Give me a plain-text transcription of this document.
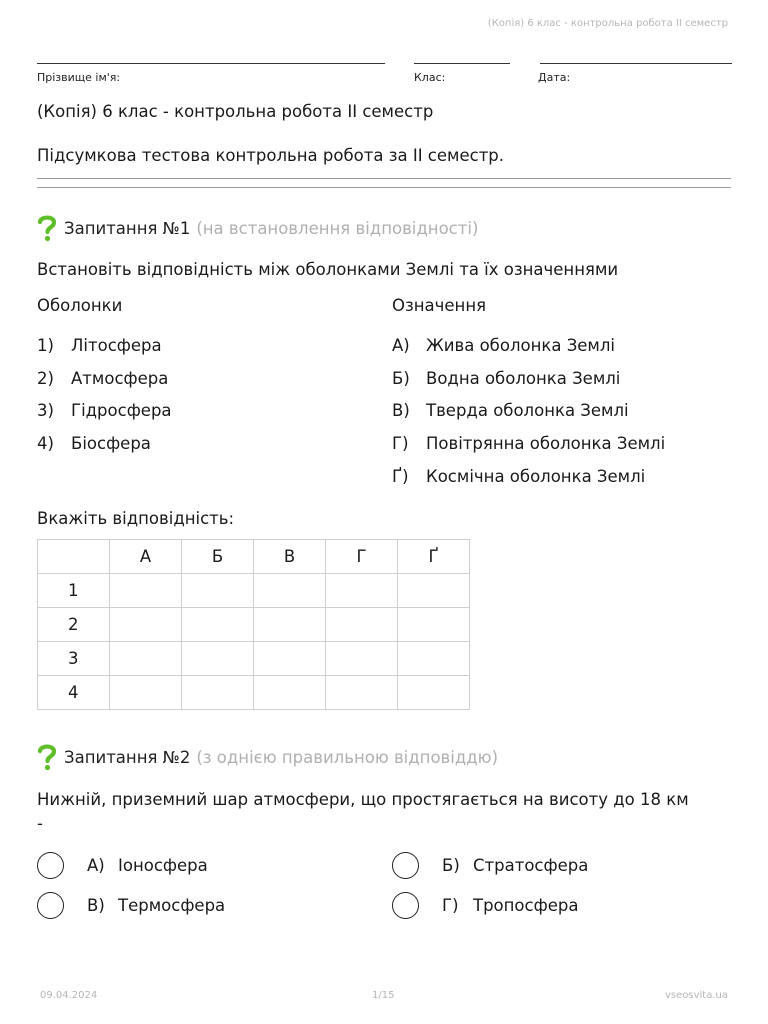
(Копія) 6 клас - контрольна робота II семестр
Прізвище ім'я:	Клас:	Дата:
(Копія) 6 клас - контрольна робота II семестр
Підсумкова тестова контрольна робота за II семестр.
Запитання №1 (на встановлення відповідності)
Встановіть відповідність між оболонками Землі та їх означеннями
Оболонки	Означення
1)	Літосфера
2)	Атмосфера
3)	Гідросфера
4)	Біосфера
А) Жива оболонка Землі
Б) Водна оболонка Землі
В) Тверда оболонка Землі
Г)	Повітрянна оболонка Землі
Ґ)	Космічна оболонка Землі
Вкажіть відповідність:
	А	Б	В	Г	Ґ
1					
2					
3					
4					
Запитання №2 (з однією правильною відповіддю)
Нижній, приземний шар атмосфери, що простягається на висоту до 18 км
-
А) Іоносфера	Б) Стратосфера
В) Термосфера	Г) Тропосфера
09.04.2024	1/15	vseosvita.ua
